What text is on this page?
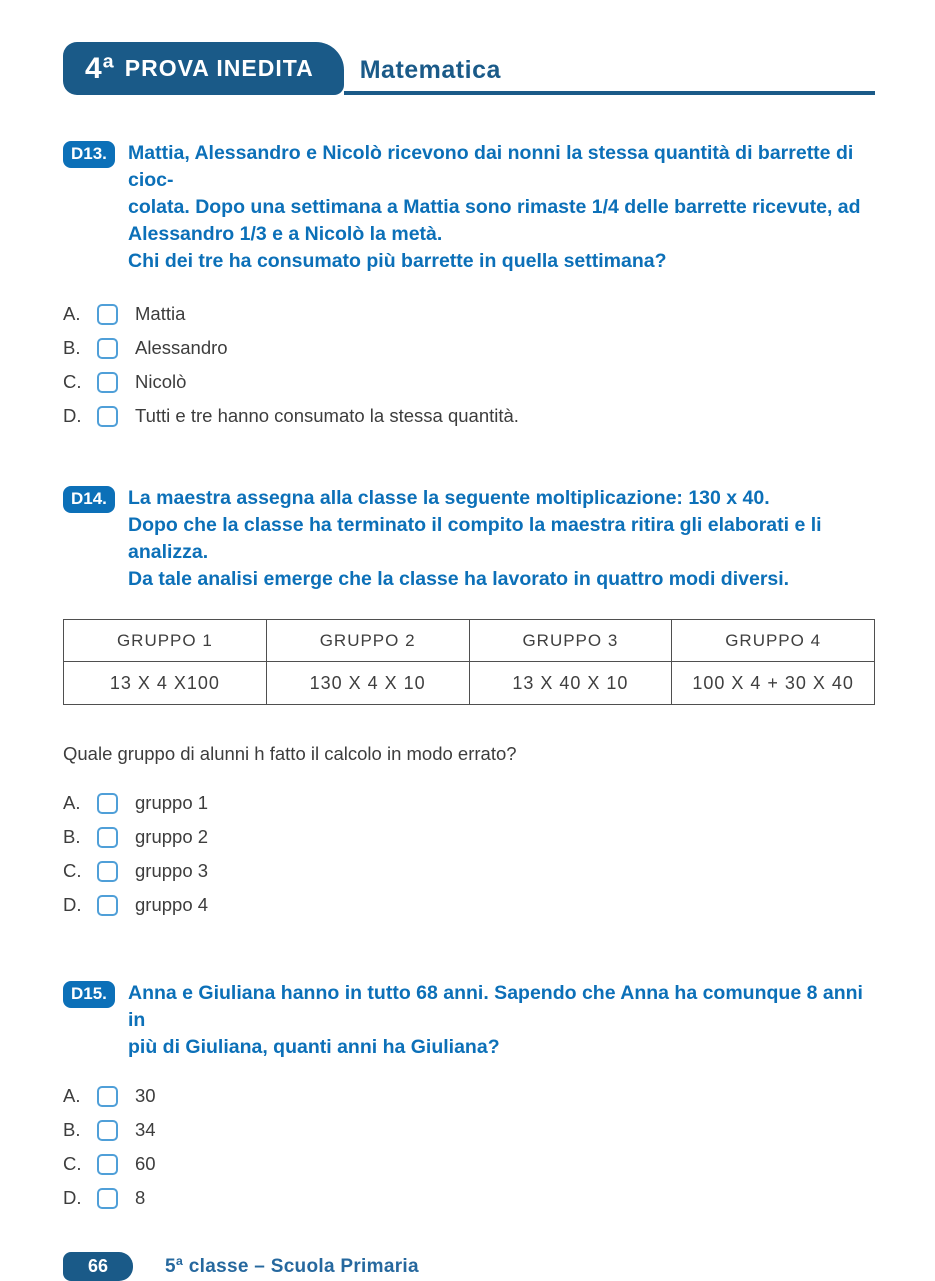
4ª PROVA INEDITA Matematica
D13.	Mattia, Alessandro e Nicolò ricevono dai nonni la stessa quantità di barrette di cioc-
colata. Dopo una settimana a Mattia sono rimaste 1/4 delle barrette ricevute, ad
Alessandro 1/3 e a Nicolò la metà.
Chi dei tre ha consumato più barrette in quella settimana?
A.	Mattia
B.	Alessandro
C.	Nicolò
D.	Tutti e tre hanno consumato la stessa quantità.
D14.	La maestra assegna alla classe la seguente moltiplicazione: 130 x 40.
Dopo che la classe ha terminato il compito la maestra ritira gli elaborati e li analizza.
Da tale analisi emerge che la classe ha lavorato in quattro modi diversi.
GRUPPO 1	GRUPPO 2	GRUPPO 3	GRUPPO 4
13 X 4 X100	130 X 4 X 10	13 X 40 X 10	100 X 4 + 30 X 40
Quale gruppo di alunni h fatto il calcolo in modo errato?
A.	gruppo 1
B.	gruppo 2
C.	gruppo 3
D.	gruppo 4
D15.	Anna e Giuliana hanno in tutto 68 anni. Sapendo che Anna ha comunque 8 anni in
più di Giuliana, quanti anni ha Giuliana?
A.	30
B.	34
C.	60
D.	8
66	5ª classe – Scuola Primaria
